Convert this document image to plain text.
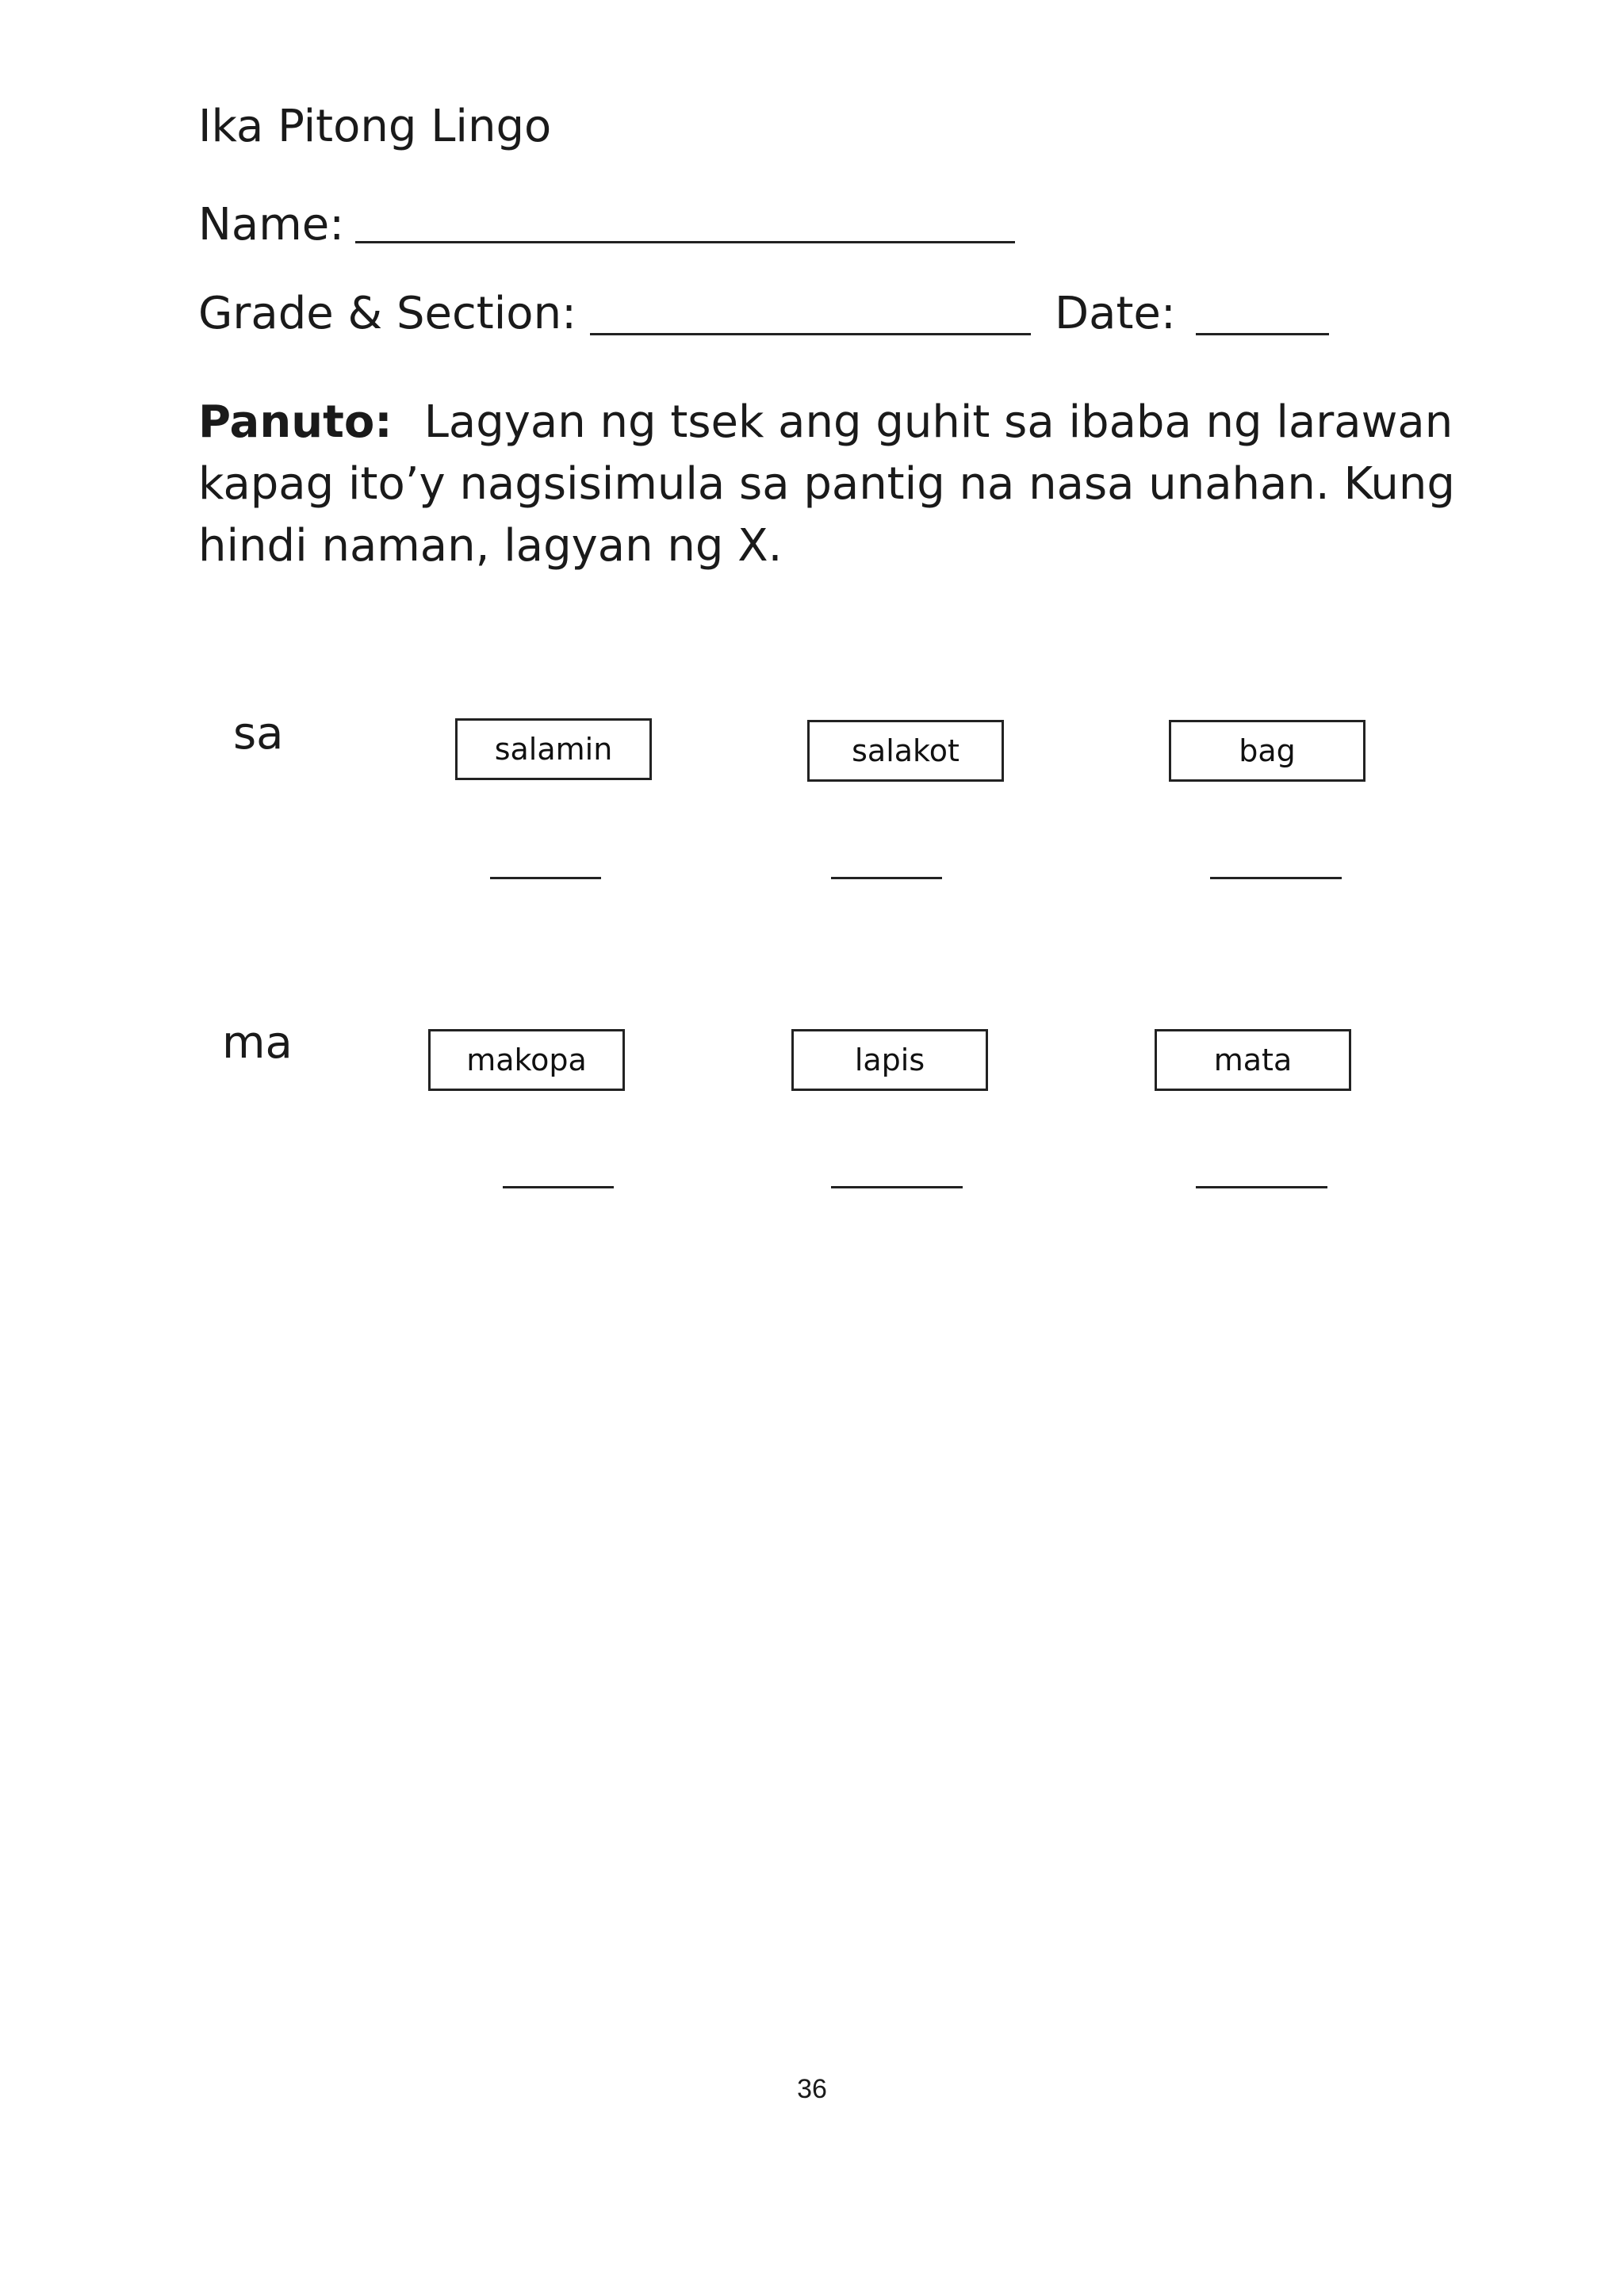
Ika Pitong Lingo
Name:
Grade & Section:	Date:
Panuto: Lagyan ng tsek ang guhit sa ibaba ng larawan kapag ito’y nagsisimula sa pantig na nasa unahan. Kung hindi naman, lagyan ng X.
sa	salamin	salakot	bag
ma	makopa	lapis	mata
36
